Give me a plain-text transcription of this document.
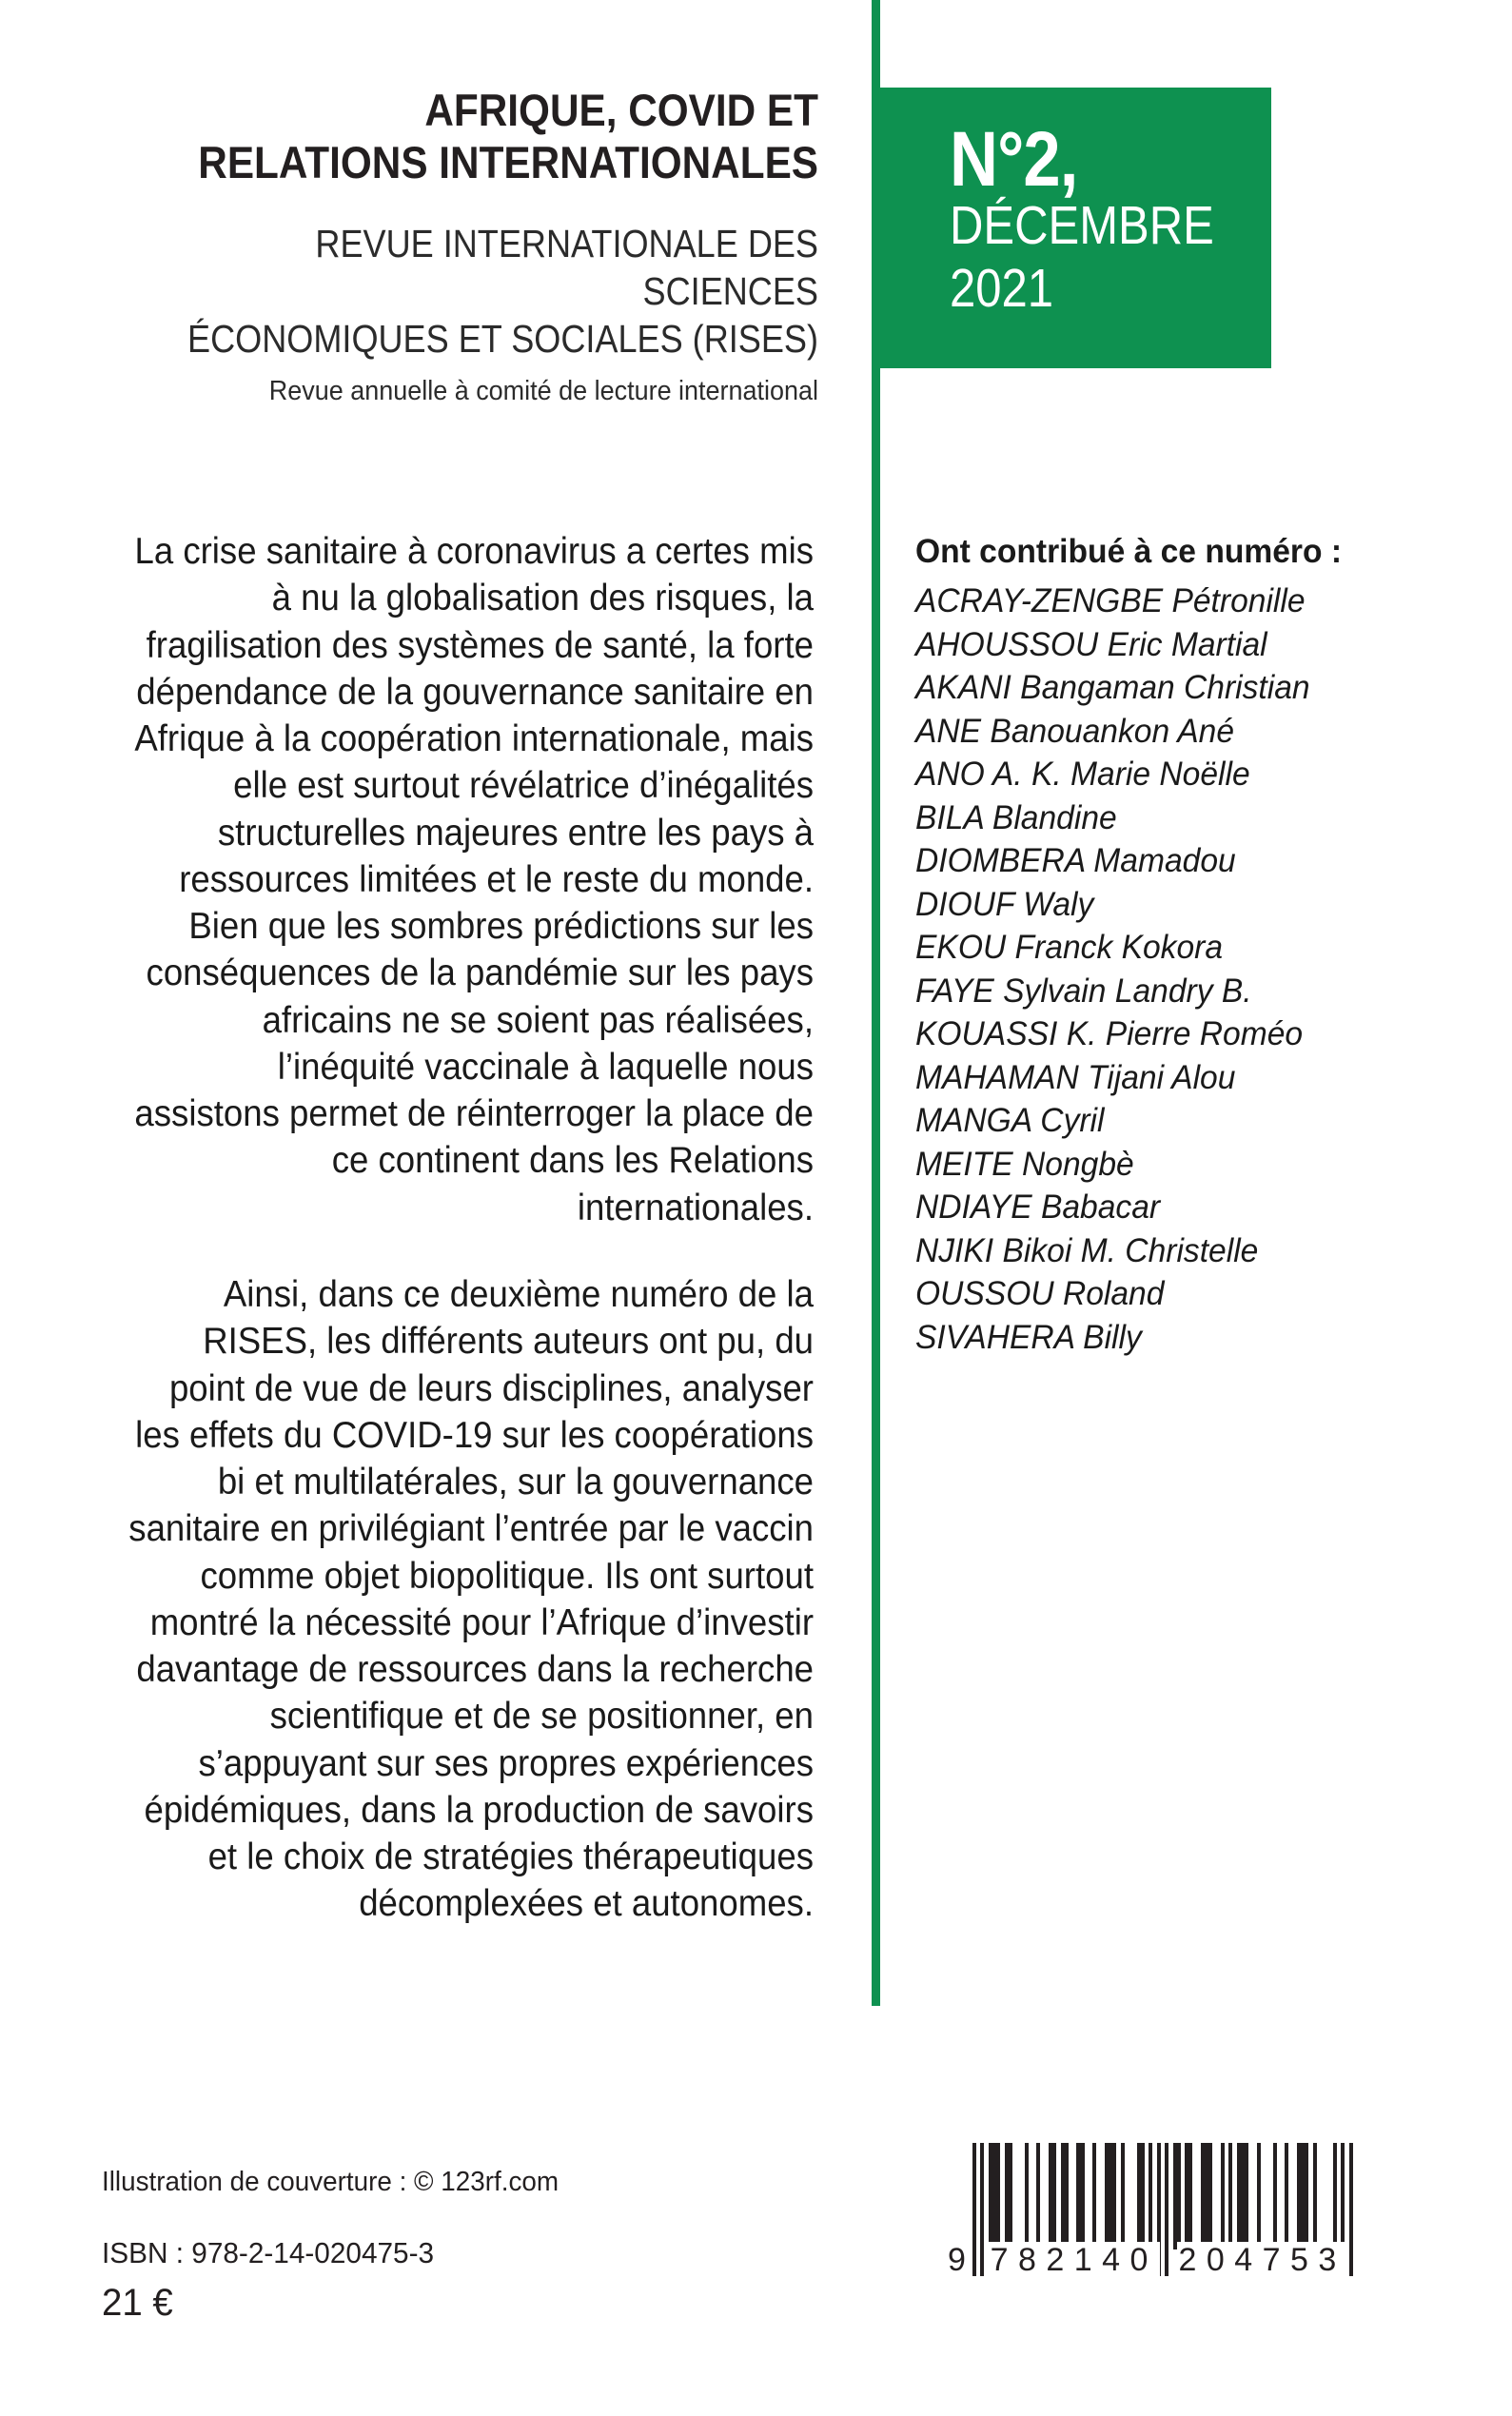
N°2,
DÉCEMBRE
2021
AFRIQUE, COVID ET
RELATIONS INTERNATIONALES
REVUE INTERNATIONALE DES SCIENCES
ÉCONOMIQUES ET SOCIALES (RISES)
Revue annuelle à comité de lecture international

La crise sanitaire à coronavirus a certes mis à nu la globalisation des risques, la fragilisation des systèmes de santé, la forte dépendance de la gouvernance sanitaire en Afrique à la coopération internationale, mais elle est surtout révélatrice d’inégalités structurelles majeures entre les pays à ressources limitées et le reste du monde. Bien que les sombres prédictions sur les conséquences de la pandémie sur les pays africains ne se soient pas réalisées, l’inéquité vaccinale à laquelle nous assistons permet de réinterroger la place de ce continent dans les Relations internationales.

Ainsi, dans ce deuxième numéro de la RISES, les différents auteurs ont pu, du point de vue de leurs disciplines, analyser les effets du COVID-19 sur les coopérations bi et multilatérales, sur la gouvernance sanitaire en privilégiant l’entrée par le vaccin comme objet biopolitique. Ils ont surtout montré la nécessité pour l’Afrique d’investir davantage de ressources dans la recherche scientifique et de se positionner, en s’appuyant sur ses propres expériences épidémiques, dans la production de savoirs et le choix de stratégies thérapeutiques décomplexées et autonomes.

Ont contribué à ce numéro :
ACRAY-ZENGBE Pétronille
AHOUSSOU Eric Martial
AKANI Bangaman Christian
ANE Banouankon Ané
ANO A. K. Marie Noëlle
BILA Blandine
DIOMBERA Mamadou
DIOUF Waly
EKOU Franck Kokora
FAYE Sylvain Landry B.
KOUASSI K. Pierre Roméo
MAHAMAN Tijani Alou
MANGA Cyril
MEITE Nongbè
NDIAYE Babacar
NJIKI Bikoi M. Christelle
OUSSOU Roland
SIVAHERA Billy
Illustration de couverture : © 123rf.com
ISBN : 978-2-14-020475-3
21 €
9 782140 204753
